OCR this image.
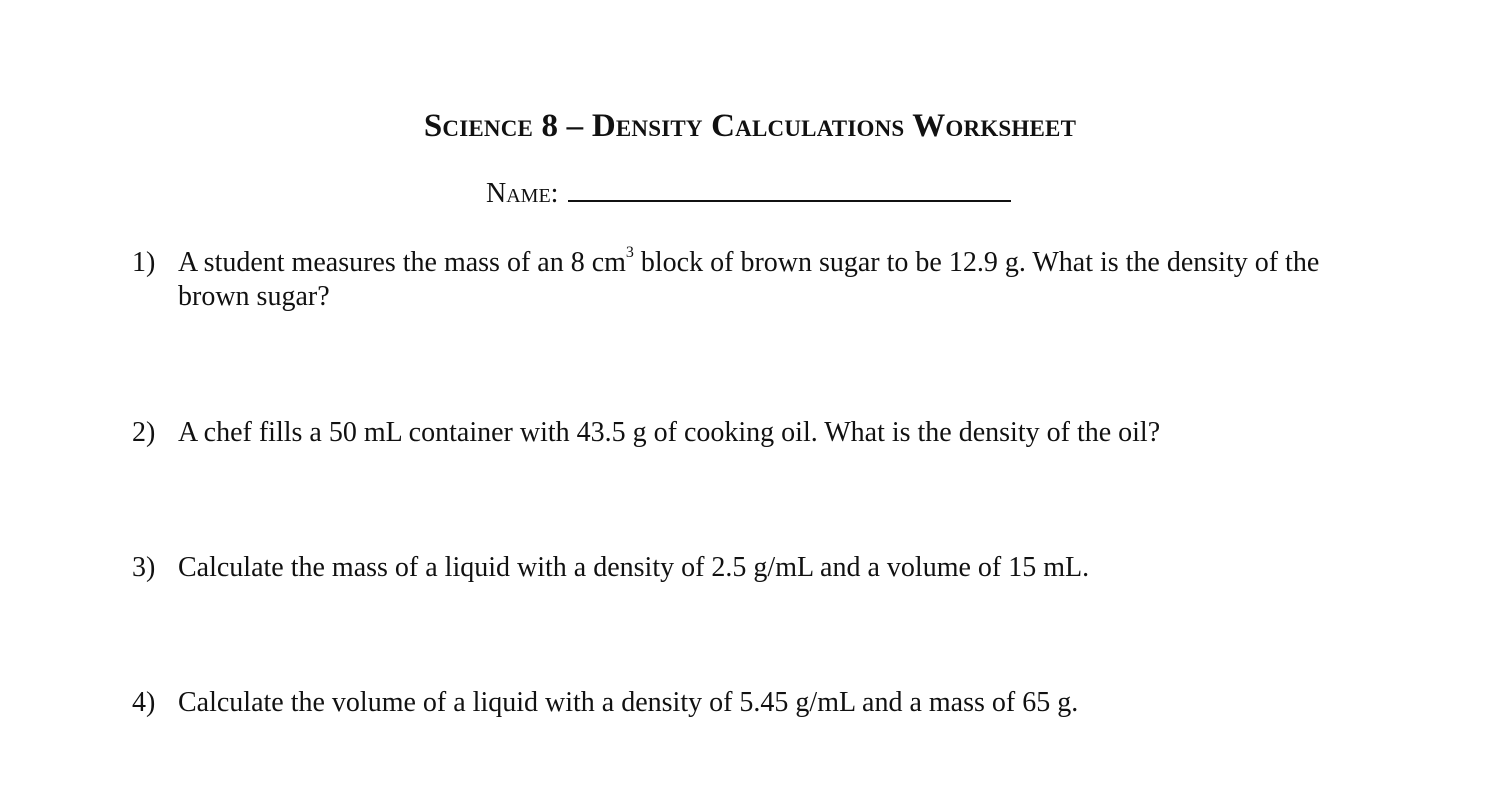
Science 8 – Density Calculations Worksheet
Name:
1) A student measures the mass of an 8 $cm^3$ block of brown sugar to be 12.9 g. What is the density of the brown sugar?
2) A chef fills a 50 mL container with 43.5 g of cooking oil. What is the density of the oil?
3) Calculate the mass of a liquid with a density of 2.5 g/mL and a volume of 15 mL.
4) Calculate the volume of a liquid with a density of 5.45 g/mL and a mass of 65 g.
